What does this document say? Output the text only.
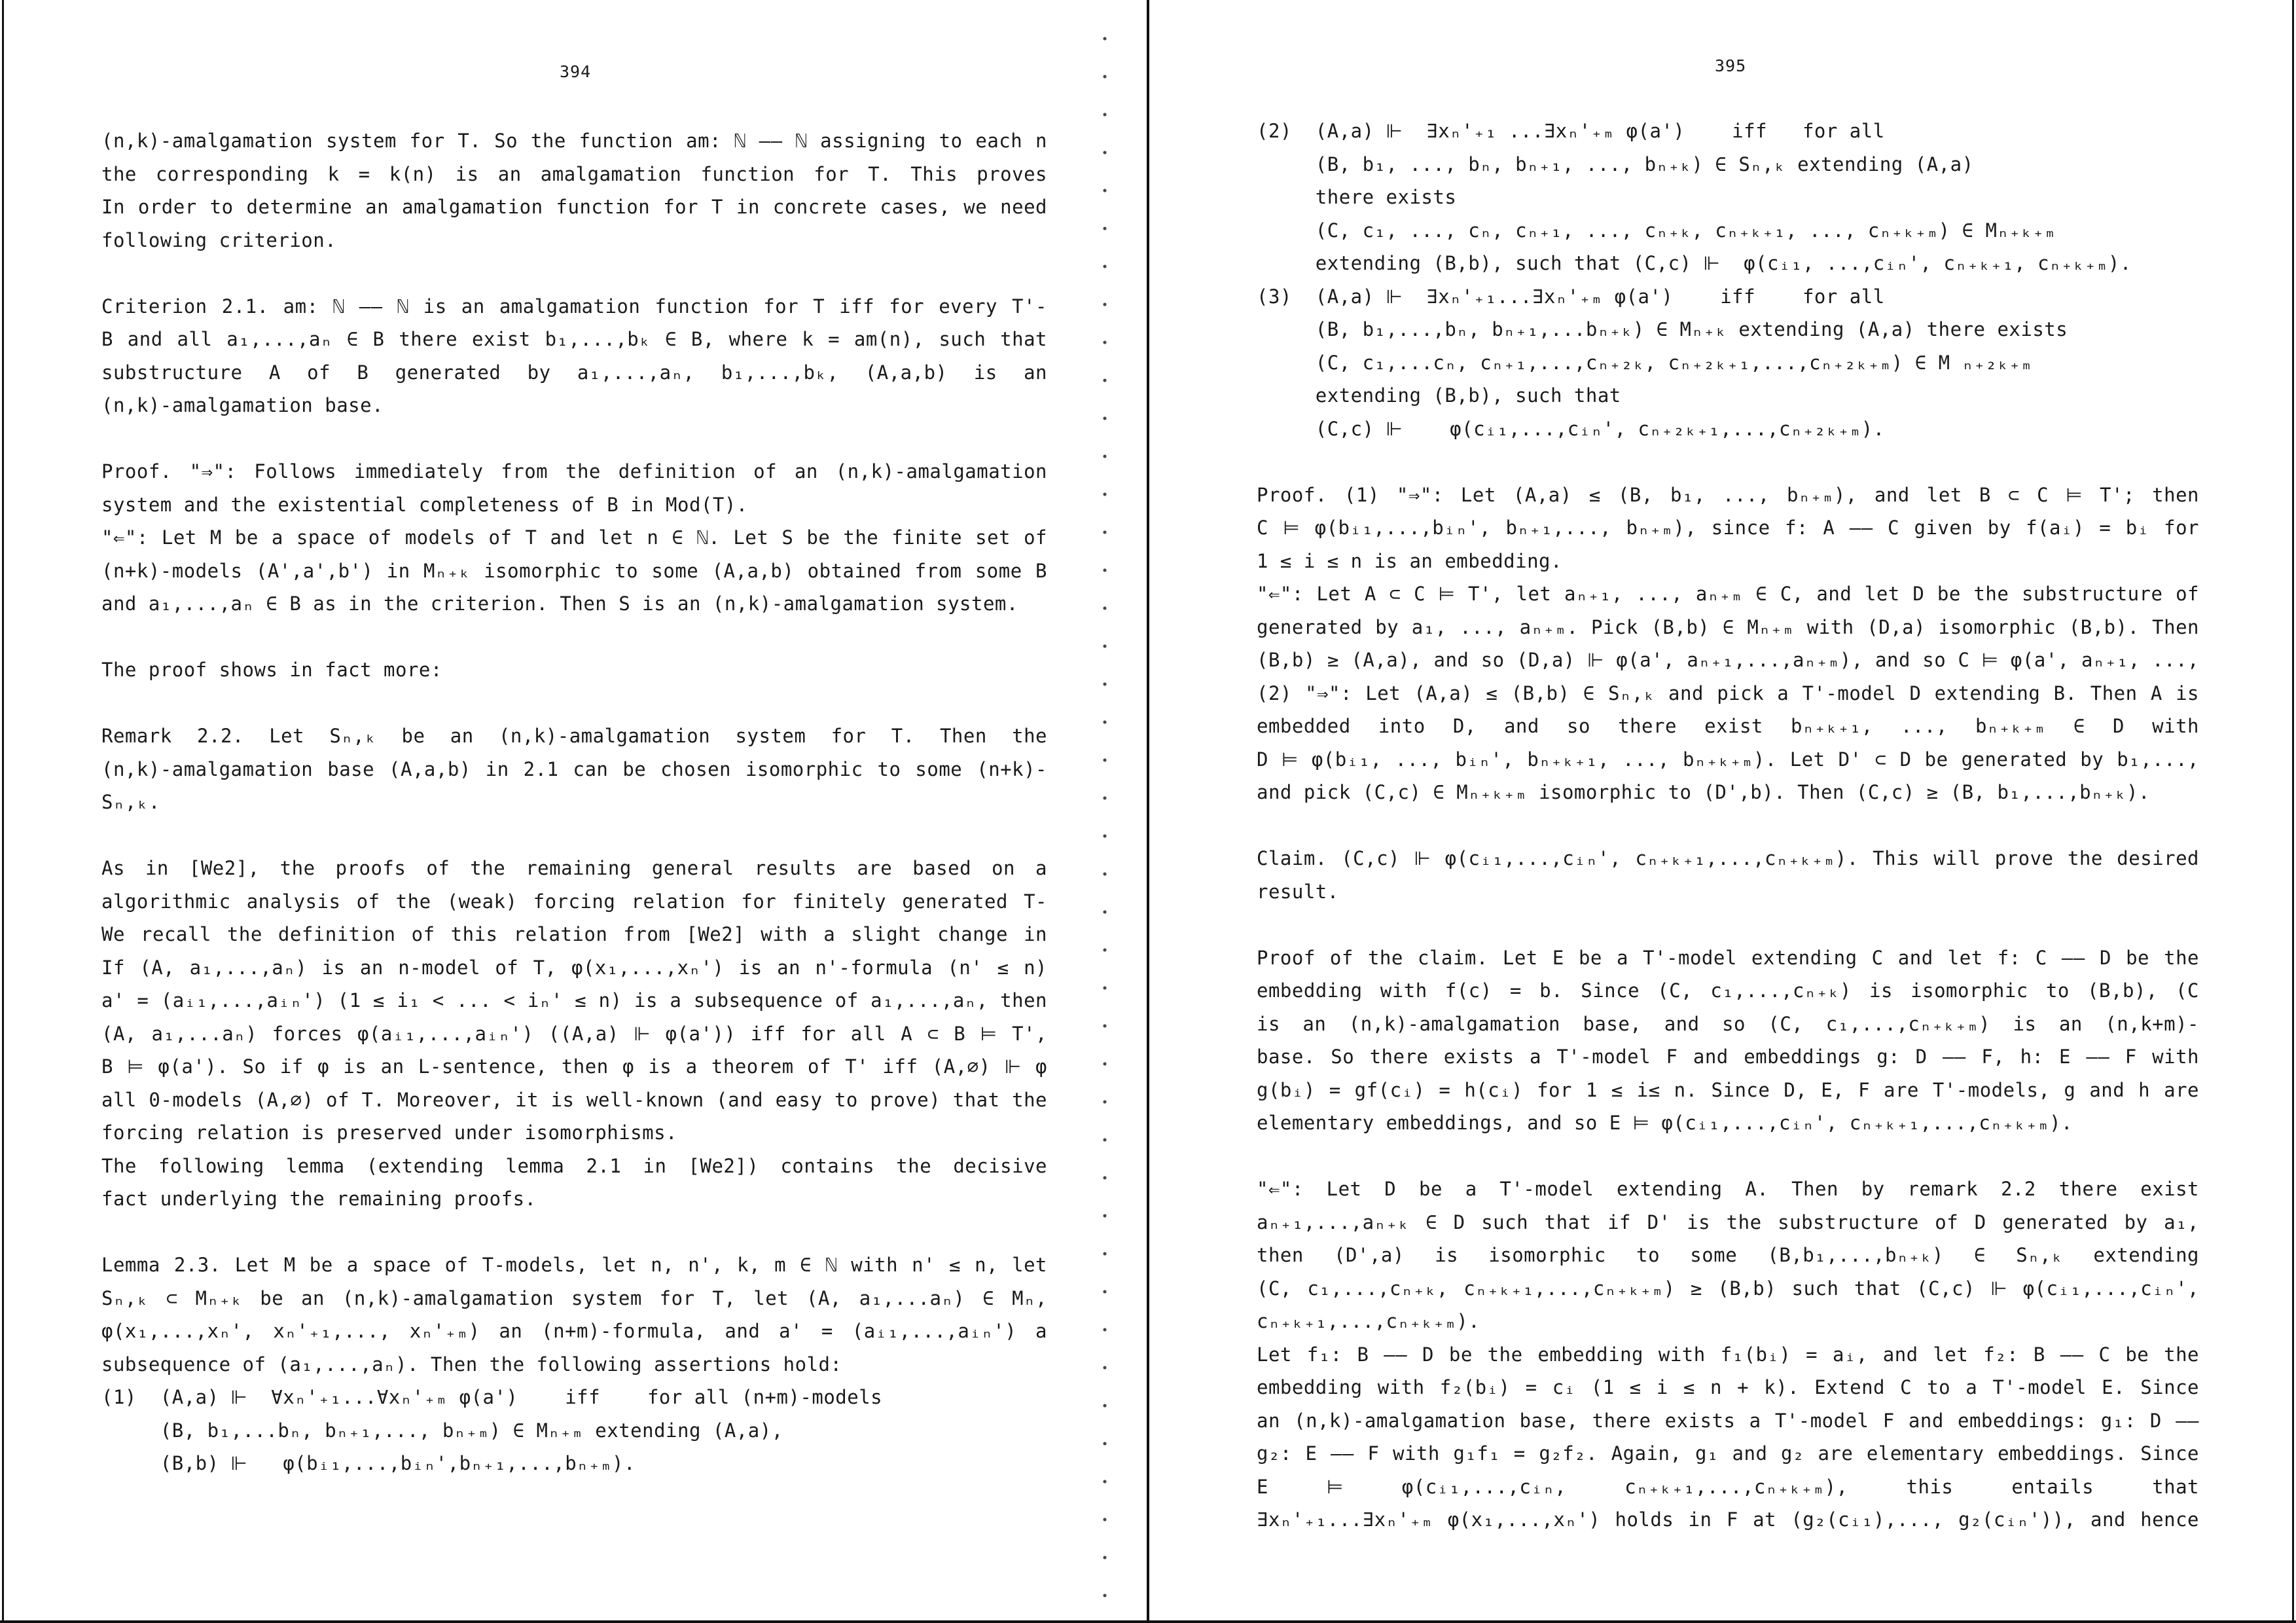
394
(n,k)-amalgamation system for T. So the function am: ℕ —— ℕ assigning to each n
the corresponding k = k(n) is an amalgamation function for T. This proves
In order to determine an amalgamation function for T in concrete cases, we need
following criterion.
Criterion 2.1. am: ℕ —— ℕ is an amalgamation function for T iff for every T'-
B and all a₁,...,aₙ ∈ B there exist b₁,...,bₖ ∈ B, where k = am(n), such that
substructure A of B generated by a₁,...,aₙ, b₁,...,bₖ, (A,a,b) is an
(n,k)-amalgamation base.
Proof. "⇒": Follows immediately from the definition of an (n,k)-amalgamation
system and the existential completeness of B in Mod(T).
"⇐": Let M be a space of models of T and let n ∈ ℕ. Let S be the finite set of
(n+k)-models (A',a',b') in Mₙ₊ₖ isomorphic to some (A,a,b) obtained from some B
and a₁,...,aₙ ∈ B as in the criterion. Then S is an (n,k)-amalgamation system.
The proof shows in fact more:
Remark 2.2. Let Sₙ,ₖ be an (n,k)-amalgamation system for T. Then the
(n,k)-amalgamation base (A,a,b) in 2.1 can be chosen isomorphic to some (n+k)-
Sₙ,ₖ.
As in [We2], the proofs of the remaining general results are based on a
algorithmic analysis of the (weak) forcing relation for finitely generated T-
We recall the definition of this relation from [We2] with a slight change in
If (A, a₁,...,aₙ) is an n-model of T, φ(x₁,...,xₙ') is an n'-formula (n' ≤ n)
a' = (aᵢ₁,...,aᵢₙ') (1 ≤ i₁ < ... < iₙ' ≤ n) is a subsequence of a₁,...,aₙ, then
(A, a₁,...aₙ) forces φ(aᵢ₁,...,aᵢₙ') ((A,a) ⊩ φ(a')) iff for all A ⊂ B ⊨ T',
B ⊨ φ(a'). So if φ is an L-sentence, then φ is a theorem of T' iff (A,∅) ⊩ φ
all 0-models (A,∅) of T. Moreover, it is well-known (and easy to prove) that the
forcing relation is preserved under isomorphisms.
The following lemma (extending lemma 2.1 in [We2]) contains the decisive
fact underlying the remaining proofs.
Lemma 2.3. Let M be a space of T-models, let n, n', k, m ∈ ℕ with n' ≤ n, let
Sₙ,ₖ ⊂ Mₙ₊ₖ be an (n,k)-amalgamation system for T, let (A, a₁,...aₙ) ∈ Mₙ,
φ(x₁,...,xₙ', xₙ'₊₁,..., xₙ'₊ₘ) an (n+m)-formula, and a' = (aᵢ₁,...,aᵢₙ') a
subsequence of (a₁,...,aₙ). Then the following assertions hold:
(1)  (A,a) ⊩  ∀xₙ'₊₁...∀xₙ'₊ₘ φ(a')    iff    for all (n+m)-models
(B, b₁,...bₙ, bₙ₊₁,..., bₙ₊ₘ) ∈ Mₙ₊ₘ extending (A,a),
(B,b) ⊩   φ(bᵢ₁,...,bᵢₙ',bₙ₊₁,...,bₙ₊ₘ).
395
(2)  (A,a) ⊩  ∃xₙ'₊₁ ...∃xₙ'₊ₘ φ(a')    iff   for all
(B, b₁, ..., bₙ, bₙ₊₁, ..., bₙ₊ₖ) ∈ Sₙ,ₖ extending (A,a)
there exists
(C, c₁, ..., cₙ, cₙ₊₁, ..., cₙ₊ₖ, cₙ₊ₖ₊₁, ..., cₙ₊ₖ₊ₘ) ∈ Mₙ₊ₖ₊ₘ
extending (B,b), such that (C,c) ⊩  φ(cᵢ₁, ...,cᵢₙ', cₙ₊ₖ₊₁, cₙ₊ₖ₊ₘ).
(3)  (A,a) ⊩  ∃xₙ'₊₁...∃xₙ'₊ₘ φ(a')    iff    for all
(B, b₁,...,bₙ, bₙ₊₁,...bₙ₊ₖ) ∈ Mₙ₊ₖ extending (A,a) there exists
(C, c₁,...cₙ, cₙ₊₁,...,cₙ₊₂ₖ, cₙ₊₂ₖ₊₁,...,cₙ₊₂ₖ₊ₘ) ∈ M ₙ₊₂ₖ₊ₘ
extending (B,b), such that
(C,c) ⊩    φ(cᵢ₁,...,cᵢₙ', cₙ₊₂ₖ₊₁,...,cₙ₊₂ₖ₊ₘ).
Proof. (1) "⇒": Let (A,a) ≤ (B, b₁, ..., bₙ₊ₘ), and let B ⊂ C ⊨ T'; then
C ⊨ φ(bᵢ₁,...,bᵢₙ', bₙ₊₁,..., bₙ₊ₘ), since f: A —— C given by f(aᵢ) = bᵢ for
1 ≤ i ≤ n is an embedding.
"⇐": Let A ⊂ C ⊨ T', let aₙ₊₁, ..., aₙ₊ₘ ∈ C, and let D be the substructure of
generated by a₁, ..., aₙ₊ₘ. Pick (B,b) ∈ Mₙ₊ₘ with (D,a) isomorphic (B,b). Then
(B,b) ≥ (A,a), and so (D,a) ⊩ φ(a', aₙ₊₁,...,aₙ₊ₘ), and so C ⊨ φ(a', aₙ₊₁, ...,
(2) "⇒": Let (A,a) ≤ (B,b) ∈ Sₙ,ₖ and pick a T'-model D extending B. Then A is
embedded into D, and so there exist bₙ₊ₖ₊₁, ..., bₙ₊ₖ₊ₘ ∈ D with
D ⊨ φ(bᵢ₁, ..., bᵢₙ', bₙ₊ₖ₊₁, ..., bₙ₊ₖ₊ₘ). Let D' ⊂ D be generated by b₁,...,
and pick (C,c) ∈ Mₙ₊ₖ₊ₘ isomorphic to (D',b). Then (C,c) ≥ (B, b₁,...,bₙ₊ₖ).
Claim. (C,c) ⊩ φ(cᵢ₁,...,cᵢₙ', cₙ₊ₖ₊₁,...,cₙ₊ₖ₊ₘ). This will prove the desired
result.
Proof of the claim. Let E be a T'-model extending C and let f: C —— D be the
embedding with f(c) = b. Since (C, c₁,...,cₙ₊ₖ) is isomorphic to (B,b), (C
is an (n,k)-amalgamation base, and so (C, c₁,...,cₙ₊ₖ₊ₘ) is an (n,k+m)-
base. So there exists a T'-model F and embeddings g: D —— F, h: E —— F with
g(bᵢ) = gf(cᵢ) = h(cᵢ) for 1 ≤ i≤ n. Since D, E, F are T'-models, g and h are
elementary embeddings, and so E ⊨ φ(cᵢ₁,...,cᵢₙ', cₙ₊ₖ₊₁,...,cₙ₊ₖ₊ₘ).
"⇐": Let D be a T'-model extending A. Then by remark 2.2 there exist
aₙ₊₁,...,aₙ₊ₖ ∈ D such that if D' is the substructure of D generated by a₁,
then (D',a) is isomorphic to some (B,b₁,...,bₙ₊ₖ) ∈ Sₙ,ₖ extending
(C, c₁,...,cₙ₊ₖ, cₙ₊ₖ₊₁,...,cₙ₊ₖ₊ₘ) ≥ (B,b) such that (C,c) ⊩ φ(cᵢ₁,...,cᵢₙ',
cₙ₊ₖ₊₁,...,cₙ₊ₖ₊ₘ).
Let f₁: B —— D be the embedding with f₁(bᵢ) = aᵢ, and let f₂: B —— C be the
embedding with f₂(bᵢ) = cᵢ (1 ≤ i ≤ n + k). Extend C to a T'-model E. Since
an (n,k)-amalgamation base, there exists a T'-model F and embeddings: g₁: D ——
g₂: E —— F with g₁f₁ = g₂f₂. Again, g₁ and g₂ are elementary embeddings. Since
E ⊨ φ(cᵢ₁,...,cᵢₙ, cₙ₊ₖ₊₁,...,cₙ₊ₖ₊ₘ), this entails that
∃xₙ'₊₁...∃xₙ'₊ₘ φ(x₁,...,xₙ') holds in F at (g₂(cᵢ₁),..., g₂(cᵢₙ')), and hence
